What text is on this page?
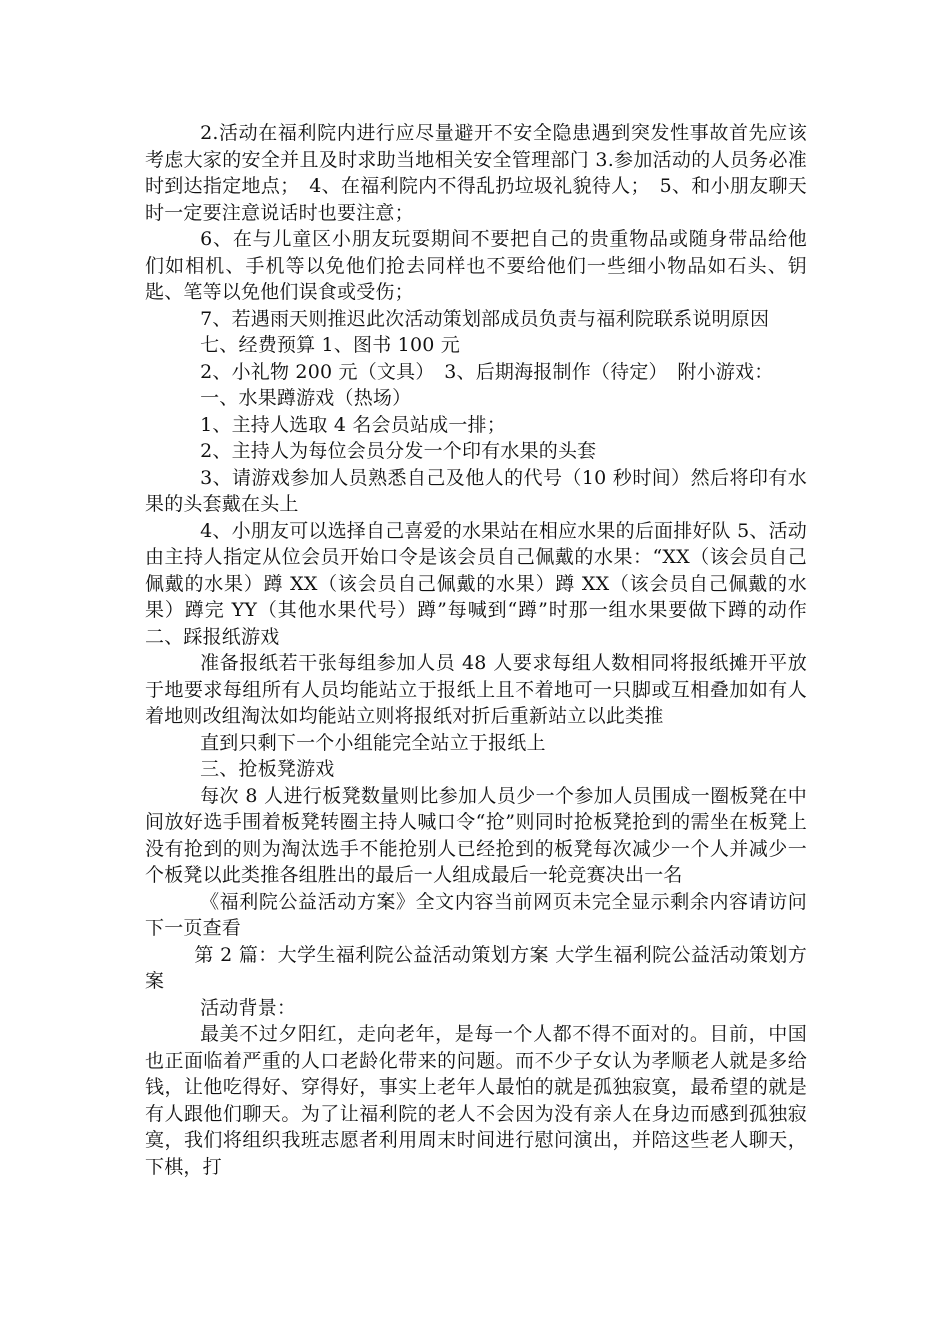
2.活动在福利院内进行应尽量避开不安全隐患遇到突发性事故首先应该考虑大家的安全并且及时求助当地相关安全管理部门 3.参加活动的人员务必准时到达指定地点；　4、在福利院内不得乱扔垃圾礼貌待人；　5、和小朋友聊天时一定要注意说话时也要注意；

6、在与儿童区小朋友玩耍期间不要把自己的贵重物品或随身带品给他们如相机、手机等以免他们抢去同样也不要给他们一些细小物品如石头、钥匙、笔等以免他们误食或受伤；

7、若遇雨天则推迟此次活动策划部成员负责与福利院联系说明原因

七、经费预算 1、图书 100 元

2、小礼物 200 元（文具）　3、后期海报制作（待定）　附小游戏：

一、水果蹲游戏（热场）

1、主持人选取 4 名会员站成一排；

2、主持人为每位会员分发一个印有水果的头套

3、请游戏参加人员熟悉自己及他人的代号（10 秒时间）然后将印有水果的头套戴在头上

4、小朋友可以选择自己喜爱的水果站在相应水果的后面排好队 5、活动由主持人指定从位会员开始口令是该会员自己佩戴的水果：“XX（该会员自己佩戴的水果）蹲 XX（该会员自己佩戴的水果）蹲 XX（该会员自己佩戴的水果）蹲完 YY（其他水果代号）蹲”每喊到“蹲”时那一组水果要做下蹲的动作 二、踩报纸游戏

准备报纸若干张每组参加人员 48 人要求每组人数相同将报纸摊开平放于地要求每组所有人员均能站立于报纸上且不着地可一只脚或互相叠加如有人着地则改组淘汰如均能站立则将报纸对折后重新站立以此类推

直到只剩下一个小组能完全站立于报纸上

三、抢板凳游戏

每次 8 人进行板凳数量则比参加人员少一个参加人员围成一圈板凳在中间放好选手围着板凳转圈主持人喊口令“抢”则同时抢板凳抢到的需坐在板凳上没有抢到的则为淘汰选手不能抢别人已经抢到的板凳每次减少一个人并减少一个板凳以此类推各组胜出的最后一人组成最后一轮竞赛决出一名

《福利院公益活动方案》全文内容当前网页未完全显示剩余内容请访问下一页查看

第 2 篇：大学生福利院公益活动策划方案 大学生福利院公益活动策划方案

活动背景：

最美不过夕阳红，走向老年，是每一个人都不得不面对的。目前，中国也正面临着严重的人口老龄化带来的问题。而不少子女认为孝顺老人就是多给钱，让他吃得好、穿得好，事实上老年人最怕的就是孤独寂寞，最希望的就是有人跟他们聊天。为了让福利院的老人不会因为没有亲人在身边而感到孤独寂寞，我们将组织我班志愿者利用周末时间进行慰问演出，并陪这些老人聊天，下棋，打
